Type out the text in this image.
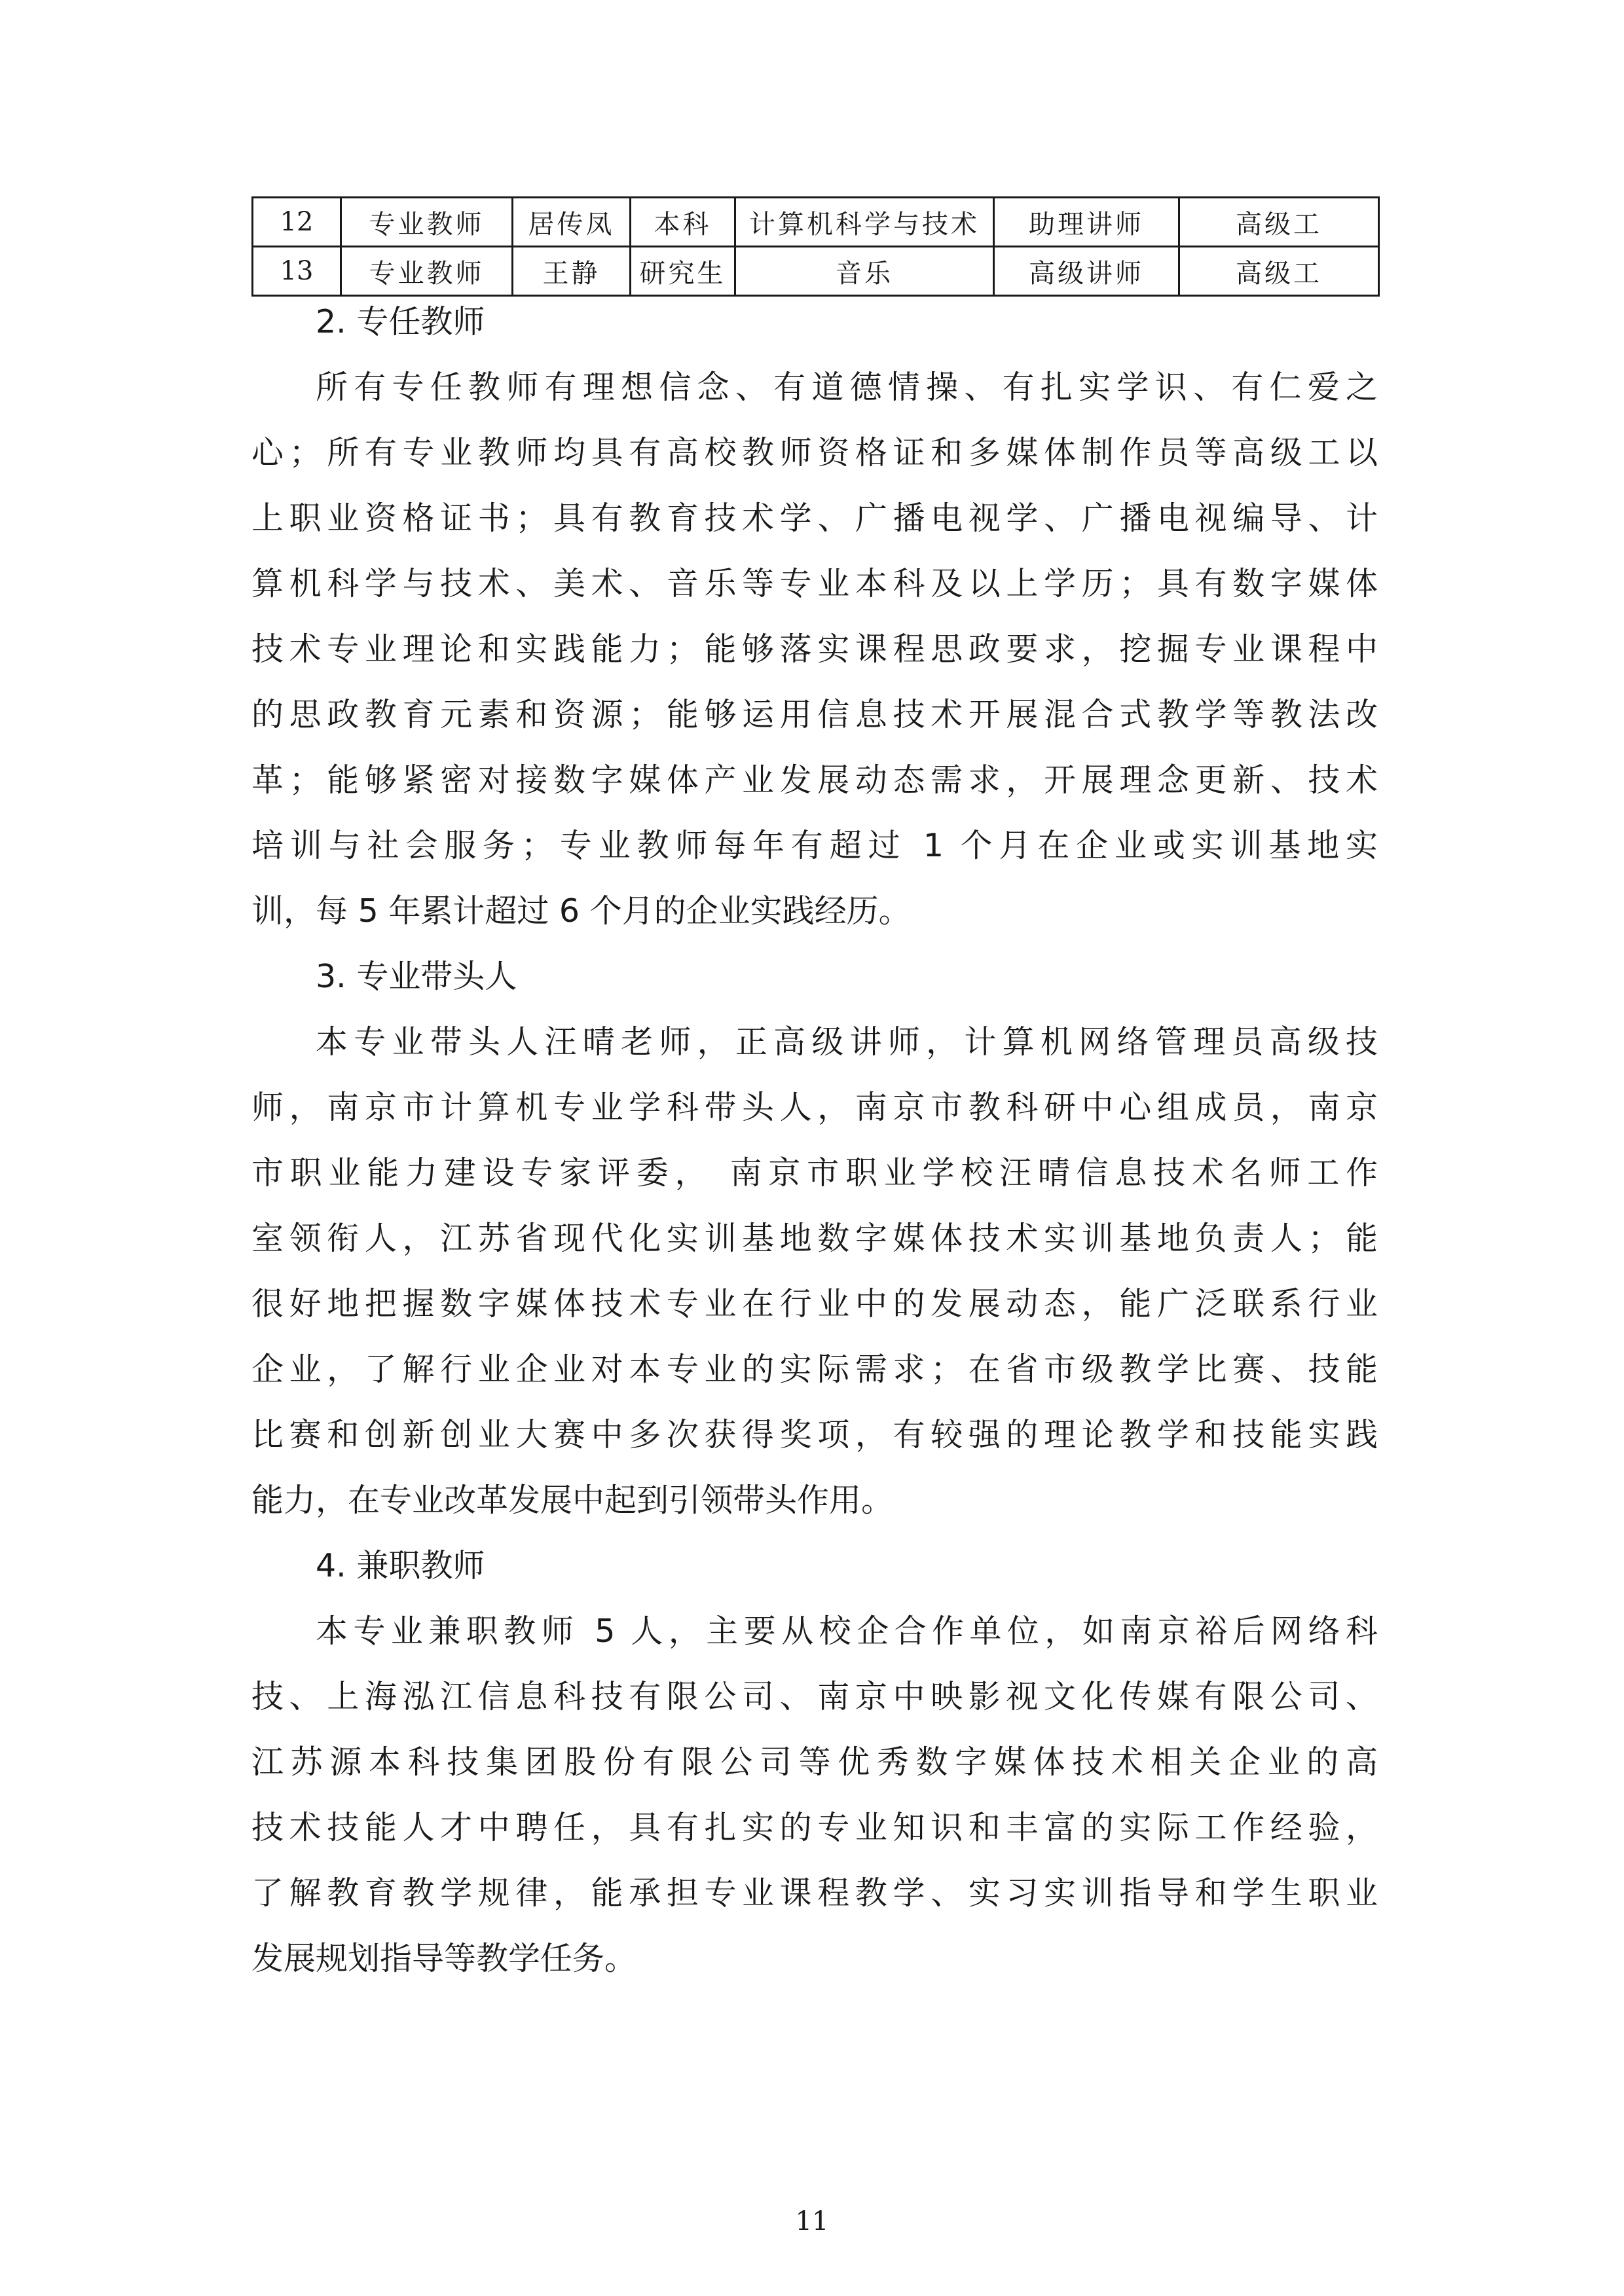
12	专业教师	居传凤	本科	计算机科学与技术	助理讲师	高级工
13	专业教师	王静	研究生	音乐	高级讲师	高级工
2. 专任教师
所有专任教师有理想信念、有道德情操、有扎实学识、有仁爱之
心；所有专业教师均具有高校教师资格证和多媒体制作员等高级工以
上职业资格证书；具有教育技术学、广播电视学、广播电视编导、计
算机科学与技术、美术、音乐等专业本科及以上学历；具有数字媒体
技术专业理论和实践能力；能够落实课程思政要求，挖掘专业课程中
的思政教育元素和资源；能够运用信息技术开展混合式教学等教法改
革；能够紧密对接数字媒体产业发展动态需求，开展理念更新、技术
培训与社会服务；专业教师每年有超过 1 个月在企业或实训基地实
训，每 5 年累计超过 6 个月的企业实践经历。
3. 专业带头人
本专业带头人汪晴老师，正高级讲师，计算机网络管理员高级技
师，南京市计算机专业学科带头人，南京市教科研中心组成员，南京
市职业能力建设专家评委， 南京市职业学校汪晴信息技术名师工作
室领衔人，江苏省现代化实训基地数字媒体技术实训基地负责人；能
很好地把握数字媒体技术专业在行业中的发展动态，能广泛联系行业
企业，了解行业企业对本专业的实际需求；在省市级教学比赛、技能
比赛和创新创业大赛中多次获得奖项，有较强的理论教学和技能实践
能力，在专业改革发展中起到引领带头作用。
4. 兼职教师
本专业兼职教师 5 人，主要从校企合作单位，如南京裕后网络科
技、上海泓江信息科技有限公司、南京中映影视文化传媒有限公司、
江苏源本科技集团股份有限公司等优秀数字媒体技术相关企业的高
技术技能人才中聘任，具有扎实的专业知识和丰富的实际工作经验，
了解教育教学规律，能承担专业课程教学、实习实训指导和学生职业
发展规划指导等教学任务。
11
